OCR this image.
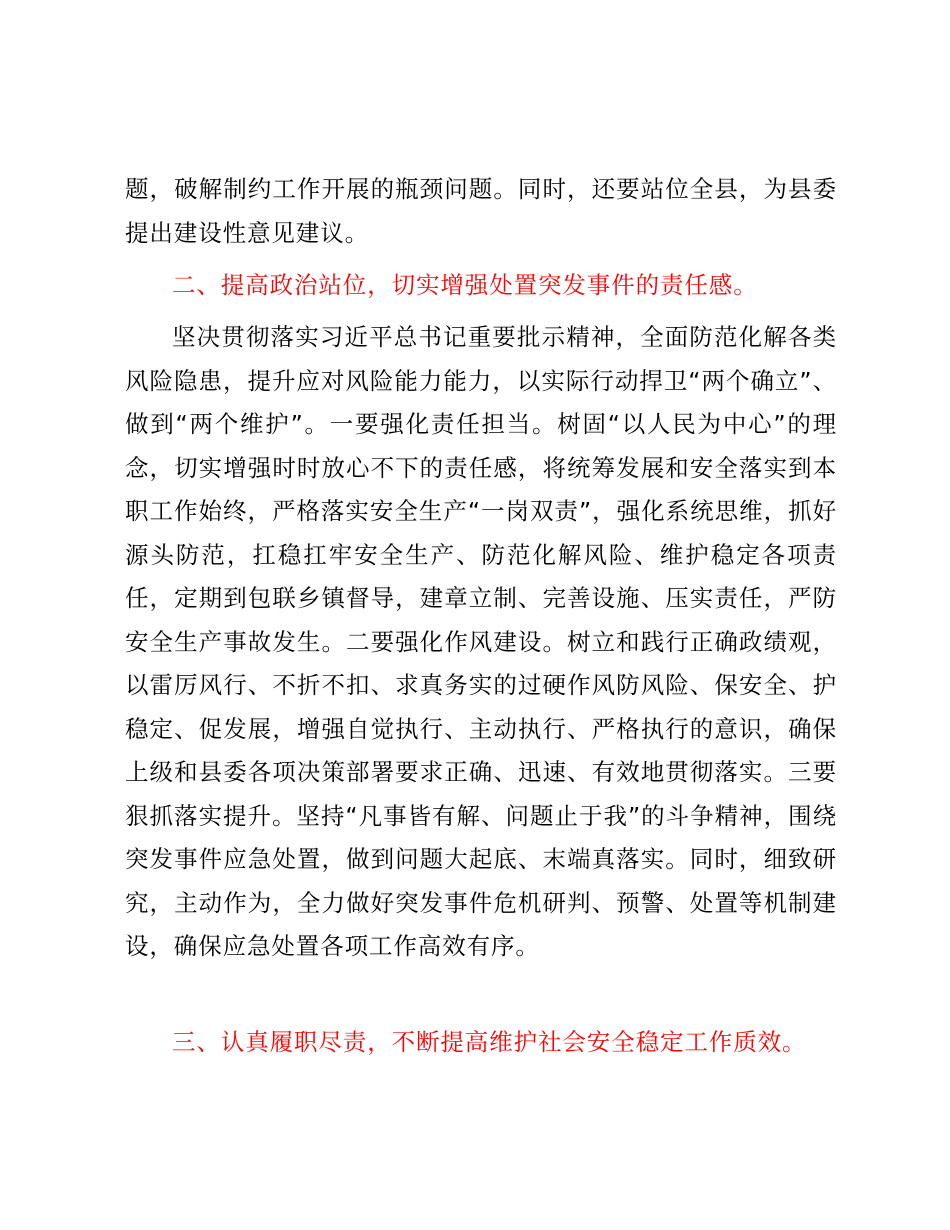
题，破解制约工作开展的瓶颈问题。同时，还要站位全县，为县委提出建设性意见建议。
二、提高政治站位，切实增强处置突发事件的责任感。
坚决贯彻落实习近平总书记重要批示精神，全面防范化解各类风险隐患，提升应对风险能力能力，以实际行动捍卫“两个确立”、做到“两个维护”。一要强化责任担当。树固“以人民为中心”的理念，切实增强时时放心不下的责任感，将统筹发展和安全落实到本职工作始终，严格落实安全生产“一岗双责”，强化系统思维，抓好源头防范，扛稳扛牢安全生产、防范化解风险、维护稳定各项责任，定期到包联乡镇督导，建章立制、完善设施、压实责任，严防安全生产事故发生。二要强化作风建设。树立和践行正确政绩观，以雷厉风行、不折不扣、求真务实的过硬作风防风险、保安全、护稳定、促发展，增强自觉执行、主动执行、严格执行的意识，确保上级和县委各项决策部署要求正确、迅速、有效地贯彻落实。三要狠抓落实提升。坚持“凡事皆有解、问题止于我”的斗争精神，围绕突发事件应急处置，做到问题大起底、末端真落实。同时，细致研究，主动作为，全力做好突发事件危机研判、预警、处置等机制建设，确保应急处置各项工作高效有序。
三、认真履职尽责，不断提高维护社会安全稳定工作质效。
